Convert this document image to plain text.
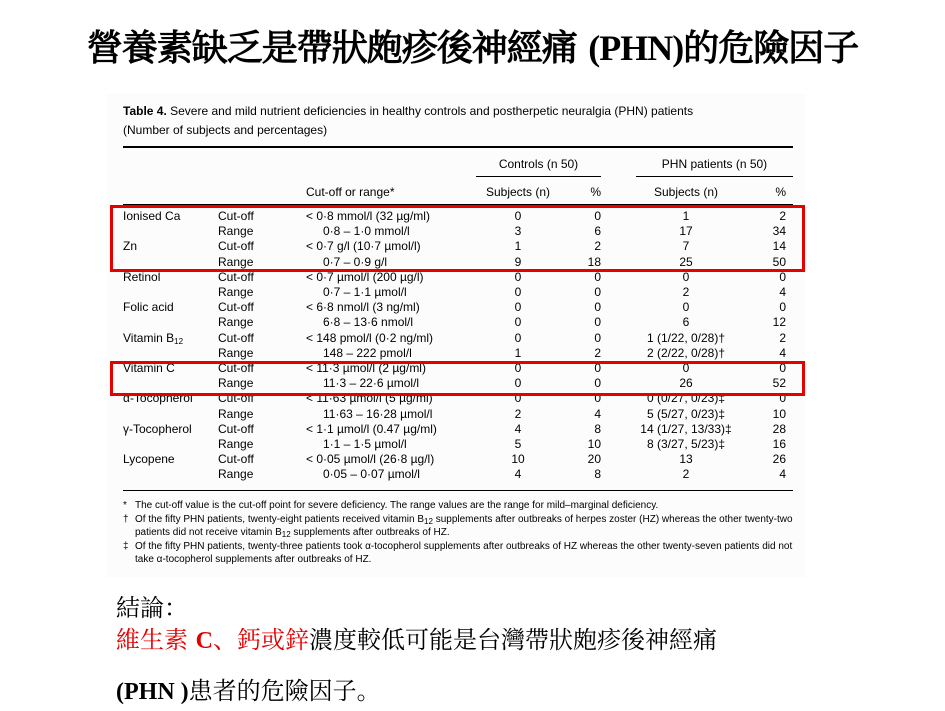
營養素缺乏是帶狀皰疹後神經痛 (PHN)的危險因子
Table 4. Severe and mild nutrient deficiencies in healthy controls and postherpetic neuralgia (PHN) patients
(Number of subjects and percentages)
Controls (n 50)	PHN patients (n 50)
Cut-off or range*	Subjects (n)	%	Subjects (n)	%
Ionised Ca	Cut-off	< 0·8 mmol/l (32 µg/ml)	0	0	1	2
Range	0·8 – 1·0 mmol/l	3	6	17	34
Zn	Cut-off	< 0·7 g/l (10·7 µmol/l)	1	2	7	14
Range	0·7 – 0·9 g/l	9	18	25	50
Retinol	Cut-off	< 0·7 µmol/l (200 µg/l)	0	0	0	0
Range	0·7 – 1·1 µmol/l	0	0	2	4
Folic acid	Cut-off	< 6·8 nmol/l (3 ng/ml)	0	0	0	0
Range	6·8 – 13·6 nmol/l	0	0	6	12
Vitamin $B_{12}$	Cut-off	< 148 pmol/l (0·2 ng/ml)	0	0	1 (1/22, 0/28)†	2
Range	148 – 222 pmol/l	1	2	2 (2/22, 0/28)†	4
Vitamin C	Cut-off	< 11·3 µmol/l (2 µg/ml)	0	0	0	0
Range	11·3 – 22·6 µmol/l	0	0	26	52
α-Tocopherol Cut-off	< 11·63 µmol/l (5 µg/ml)	0	0	0 (0/27, 0/23)‡	0
Range	11·63 – 16·28 µmol/l	2	4	5 (5/27, 0/23)‡	10
γ-Tocopherol Cut-off	< 1·1 µmol/l (0.47 µg/ml)	4	8	14 (1/27, 13/33)‡	28
Range	1·1 – 1·5 µmol/l	5	10	8 (3/27, 5/23)‡	16
Lycopene	Cut-off	< 0·05 µmol/l (26·8 µg/l)	10	20	13	26
Range	0·05 – 0·07 µmol/l	4	8	2	4
* The cut-off value is the cut-off point for severe deficiency. The range values are the range for mild–marginal deficiency.
† Of the fifty PHN patients, twenty-eight patients received vitamin $B_{12}$ supplements after outbreaks of herpes zoster (HZ) whereas the other twenty-two patients did not receive vitamin $B_{12}$ supplements after outbreaks of HZ.
‡ Of the fifty PHN patients, twenty-three patients took α-tocopherol supplements after outbreaks of HZ whereas the other twenty-seven patients did not take α-tocopherol supplements after outbreaks of HZ.
結論：
維生素 C、鈣或鋅濃度較低可能是台灣帶狀皰疹後神經痛
(PHN )患者的危險因子。
